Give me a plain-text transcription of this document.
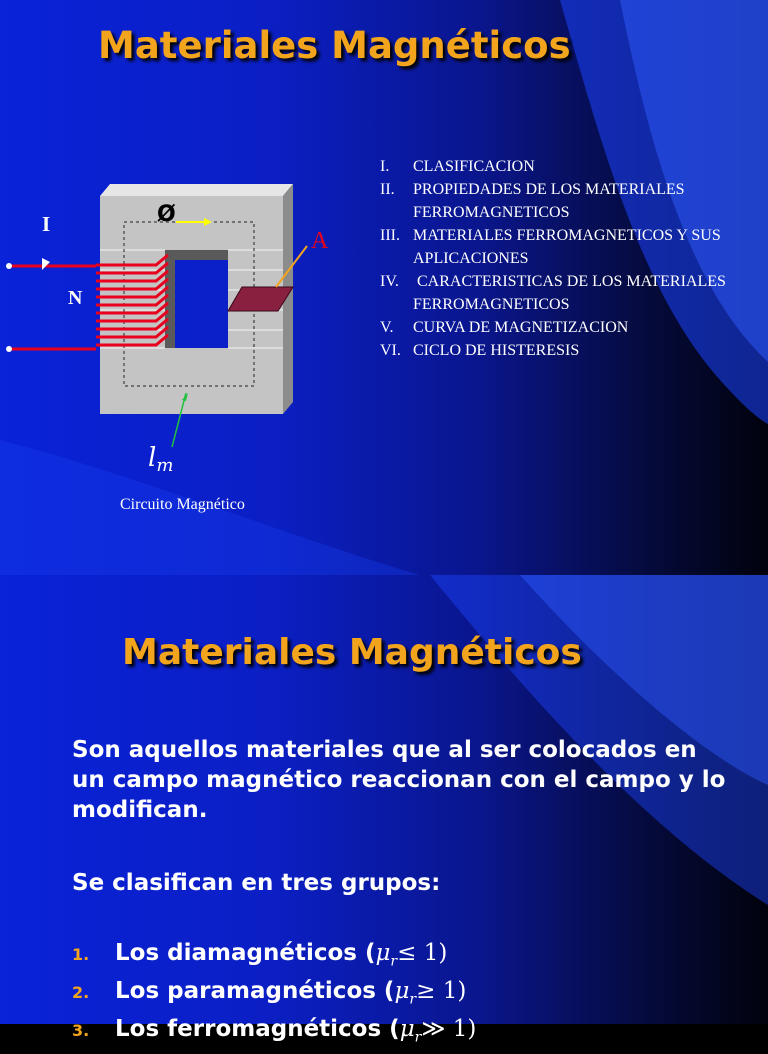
Materiales Magnéticos
I
N
Ø
A
lm
Circuito Magnético
I.	CLASIFICACION
II.	PROPIEDADES DE LOS MATERIALES FERROMAGNETICOS
III. MATERIALES FERROMAGNETICOS Y SUS APLICACIONES
IV. CARACTERISTICAS DE LOS MATERIALES FERROMAGNETICOS
V.	CURVA DE MAGNETIZACION
VI. CICLO DE HISTERESIS
Materiales Magnéticos

Son aquellos materiales que al ser colocados en un campo magnético reaccionan con el campo y lo modifican.

Se clasifican en tres grupos:

1.	Los diamagnéticos ( $\mu_r \le 1$)
2.	Los paramagnéticos ( $\mu_r \ge 1$)
3.	Los ferromagnéticos ( $\mu_r$ ≫ 1)
